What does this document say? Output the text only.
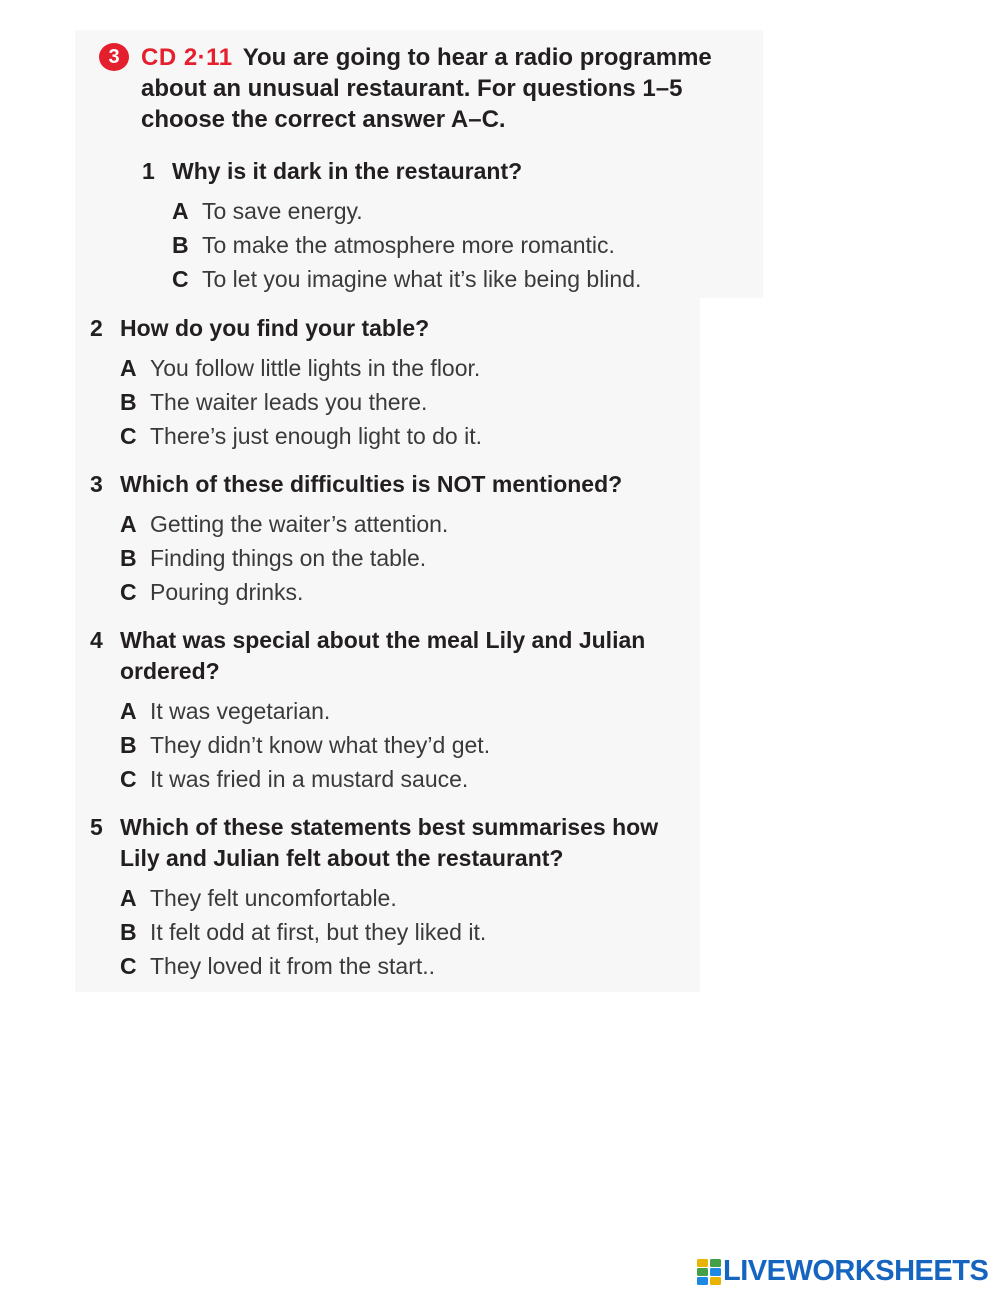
3 CD 2·11 You are going to hear a radio programme about an unusual restaurant. For questions 1–5 choose the correct answer A–C.
1 Why is it dark in the restaurant?
A To save energy.
B To make the atmosphere more romantic.
C To let you imagine what it’s like being blind.
2 How do you find your table?
A You follow little lights in the floor.
B The waiter leads you there.
C There’s just enough light to do it.
3 Which of these difficulties is NOT mentioned?
A Getting the waiter’s attention.
B Finding things on the table.
C Pouring drinks.
4 What was special about the meal Lily and Julian ordered?
A It was vegetarian.
B They didn’t know what they’d get.
C It was fried in a mustard sauce.
5 Which of these statements best summarises how Lily and Julian felt about the restaurant?
A They felt uncomfortable.
B It felt odd at first, but they liked it.
C They loved it from the start..
LIVEWORKSHEETS
